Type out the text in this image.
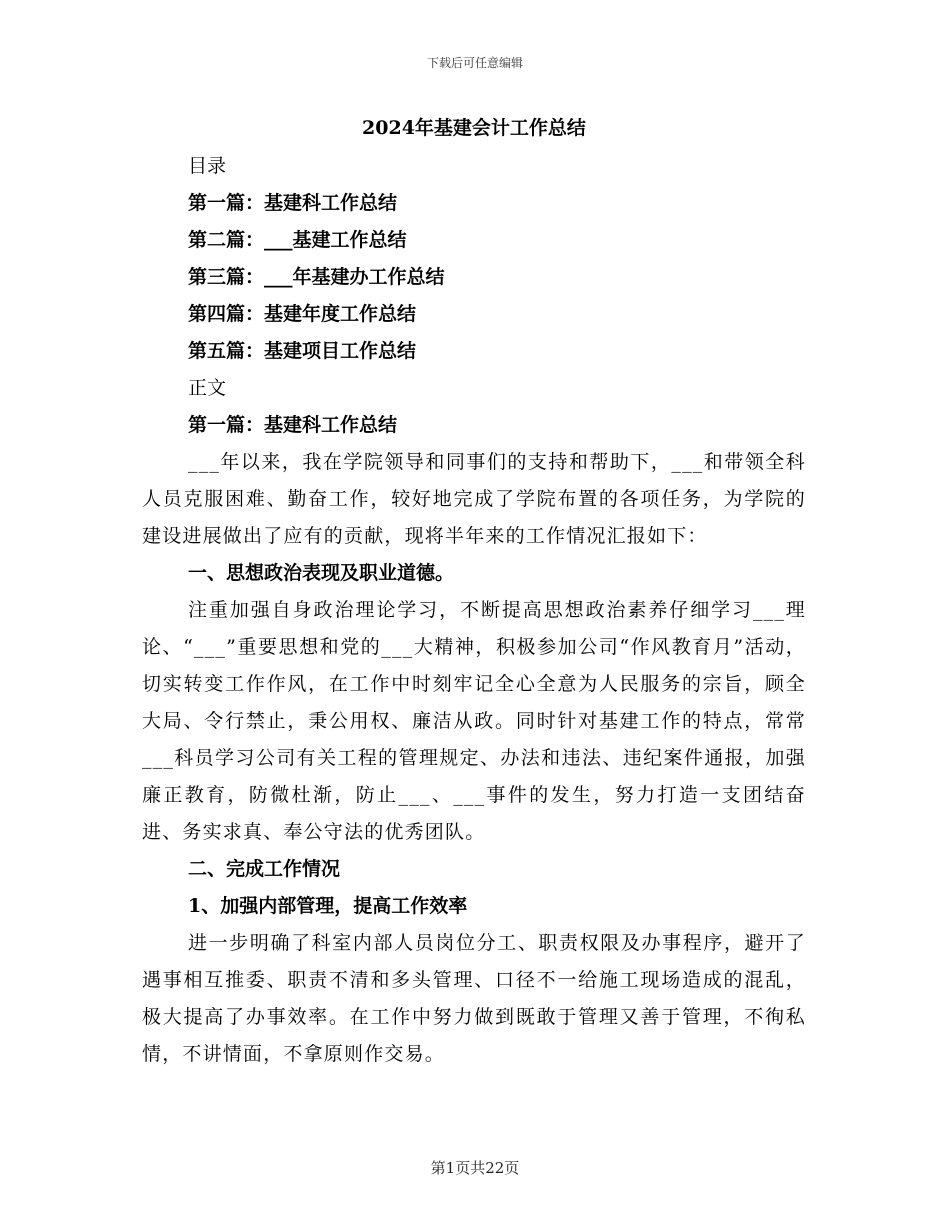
下载后可任意编辑
2024年基建会计工作总结

目录

第一篇：基建科工作总结

第二篇：___基建工作总结

第三篇：___年基建办工作总结

第四篇：基建年度工作总结

第五篇：基建项目工作总结

正文

第一篇：基建科工作总结

___年以来，我在学院领导和同事们的支持和帮助下，___和带领全科人员克服困难、勤奋工作，较好地完成了学院布置的各项任务，为学院的建设进展做出了应有的贡献，现将半年来的工作情况汇报如下：

一、思想政治表现及职业道德。

注重加强自身政治理论学习，不断提高思想政治素养仔细学习___理论、“___”重要思想和党的___大精神，积极参加公司“作风教育月”活动，切实转变工作作风，在工作中时刻牢记全心全意为人民服务的宗旨，顾全大局、令行禁止，秉公用权、廉洁从政。同时针对基建工作的特点，常常___科员学习公司有关工程的管理规定、办法和违法、违纪案件通报，加强廉正教育，防微杜渐，防止___、___事件的发生，努力打造一支团结奋进、务实求真、奉公守法的优秀团队。

二、完成工作情况

1、加强内部管理，提高工作效率

进一步明确了科室内部人员岗位分工、职责权限及办事程序，避开了遇事相互推委、职责不清和多头管理、口径不一给施工现场造成的混乱，极大提高了办事效率。在工作中努力做到既敢于管理又善于管理，不徇私情，不讲情面，不拿原则作交易。

第1页共22页
